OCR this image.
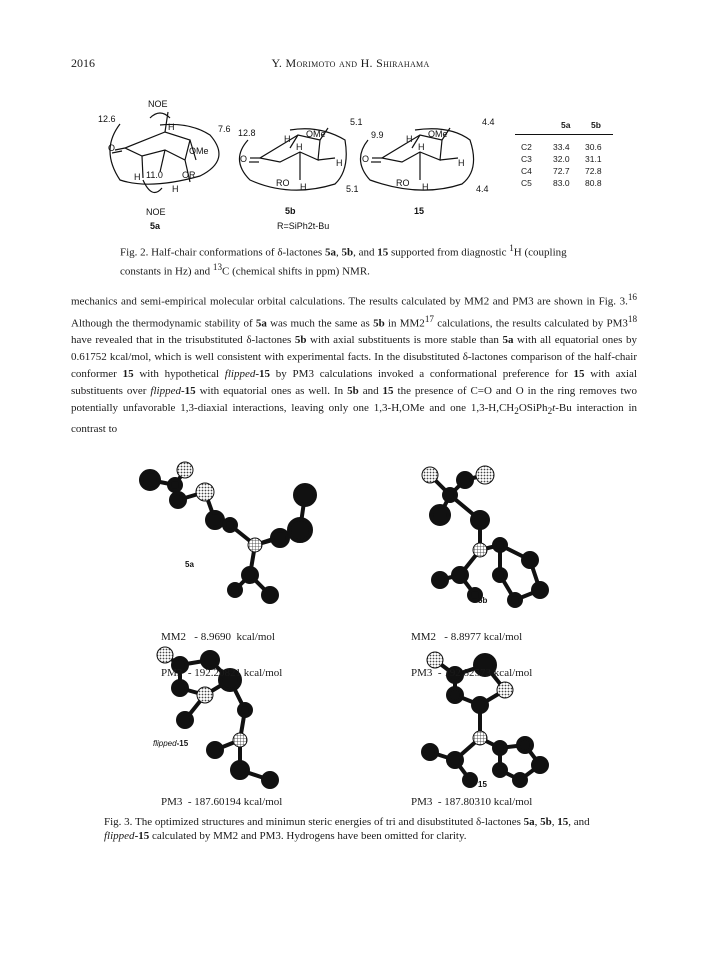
2016	Y. Morimoto and H. Shirahama
NOE
12.6
7.6
OMe
OR
11.0
H
H
H
O
NOE
5a
12.8
5.1
OMe
O
RO H
H
H
H
5.1
5b
R=SiPh2t-Bu
9.9
4.4
OMe
O
RO H
H
H
H
4.4
15
5a 5b
C2 33.4 30.6
C3 32.0 31.1
C4 72.7 72.8
C5 83.0 80.8
Fig. 2. Half-chair conformations of δ-lactones 5a, 5b, and 15 supported from diagnostic $^1$H (coupling constants in Hz) and $^{13}$C (chemical shifts in ppm) NMR.
mechanics and semi-empirical molecular orbital calculations. The results calculated by MM2 and PM3 are shown in Fig. 3.16 Although the thermodynamic stability of 5a was much the same as 5b in $MM2^{17}$ calculations, the results calculated by $PM3^{18}$ have revealed that in the trisubstituted δ-lactones 5b with axial substituents is more stable than 5a with all equatorial ones by 0.61752 kcal/mol, which is well consistent with experimental facts. In the disubstituted δ-lactones comparison of the half-chair conformer 15 with hypothetical flipped-15 by PM3 calculations invoked a conformational preference for 15 with axial substituents over flipped-15 with equatorial ones as well. In 5b and 15 the presence of C=O and O in the ring removes two potentially unfavorable 1,3-diaxial interactions, leaving only one 1,3-H,OMe and one $1,3-H,CH_2OSiPh_2t-Bu$ interaction in contrast to
5a
5b
flipped-15
15

MM2   - 8.9690  kcal/mol

PM3  - 192.20821 kcal/mol

MM2   - 8.8977 kcal/mol

PM3  - 192.82573 kcal/mol

PM3  - 187.60194 kcal/mol	PM3  - 187.80310 kcal/mol
Fig. 3. The optimized structures and minimun steric energies of tri and disubstituted δ-lactones 5a, 5b, 15, and flipped-15 calculated by MM2 and PM3. Hydrogens have been omitted for clarity.
